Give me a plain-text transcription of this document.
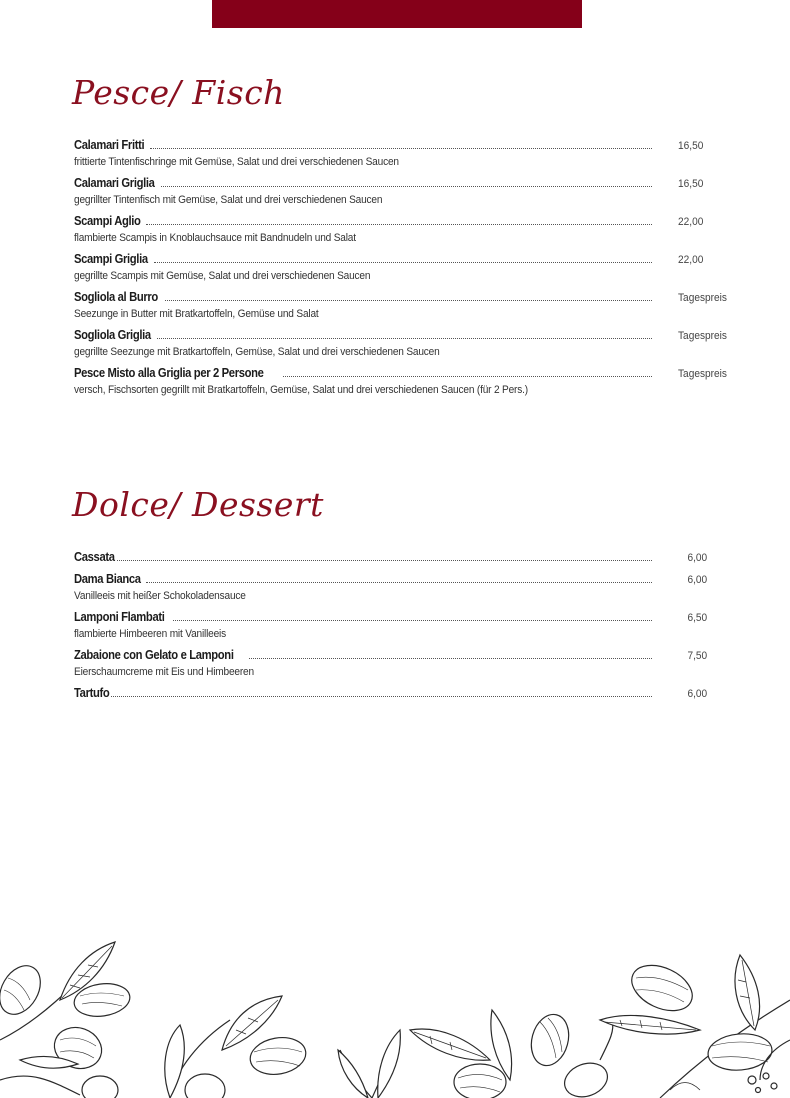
Pesce/ Fisch
Calamari Fritti	16,50
frittierte Tintenfischringe mit Gemüse, Salat und drei verschiedenen Saucen
Calamari Griglia	16,50
gegrillter Tintenfisch mit Gemüse, Salat und drei verschiedenen Saucen
Scampi Aglio	22,00
flambierte Scampis in Knoblauchsauce mit Bandnudeln und Salat
Scampi Griglia	22,00
gegrillte Scampis mit Gemüse, Salat und drei verschiedenen Saucen
Sogliola al Burro	Tagespreis
Seezunge in Butter mit Bratkartoffeln, Gemüse und Salat
Sogliola Griglia	Tagespreis
gegrillte Seezunge mit Bratkartoffeln, Gemüse, Salat und drei verschiedenen Saucen
Pesce Misto alla Griglia per 2 Persone	Tagespreis
versch, Fischsorten gegrillt mit Bratkartoffeln, Gemüse, Salat und drei verschiedenen Saucen (für 2 Pers.)
Dolce/ Dessert
Cassata	6,00
Dama Bianca	6,00
Vanilleeis mit heißer Schokoladensauce
Lamponi Flambati	6,50
flambierte Himbeeren mit Vanilleeis
Zabaione con Gelato e Lamponi	7,50
Eierschaumcreme mit Eis und Himbeeren
Tartufo	6,00
